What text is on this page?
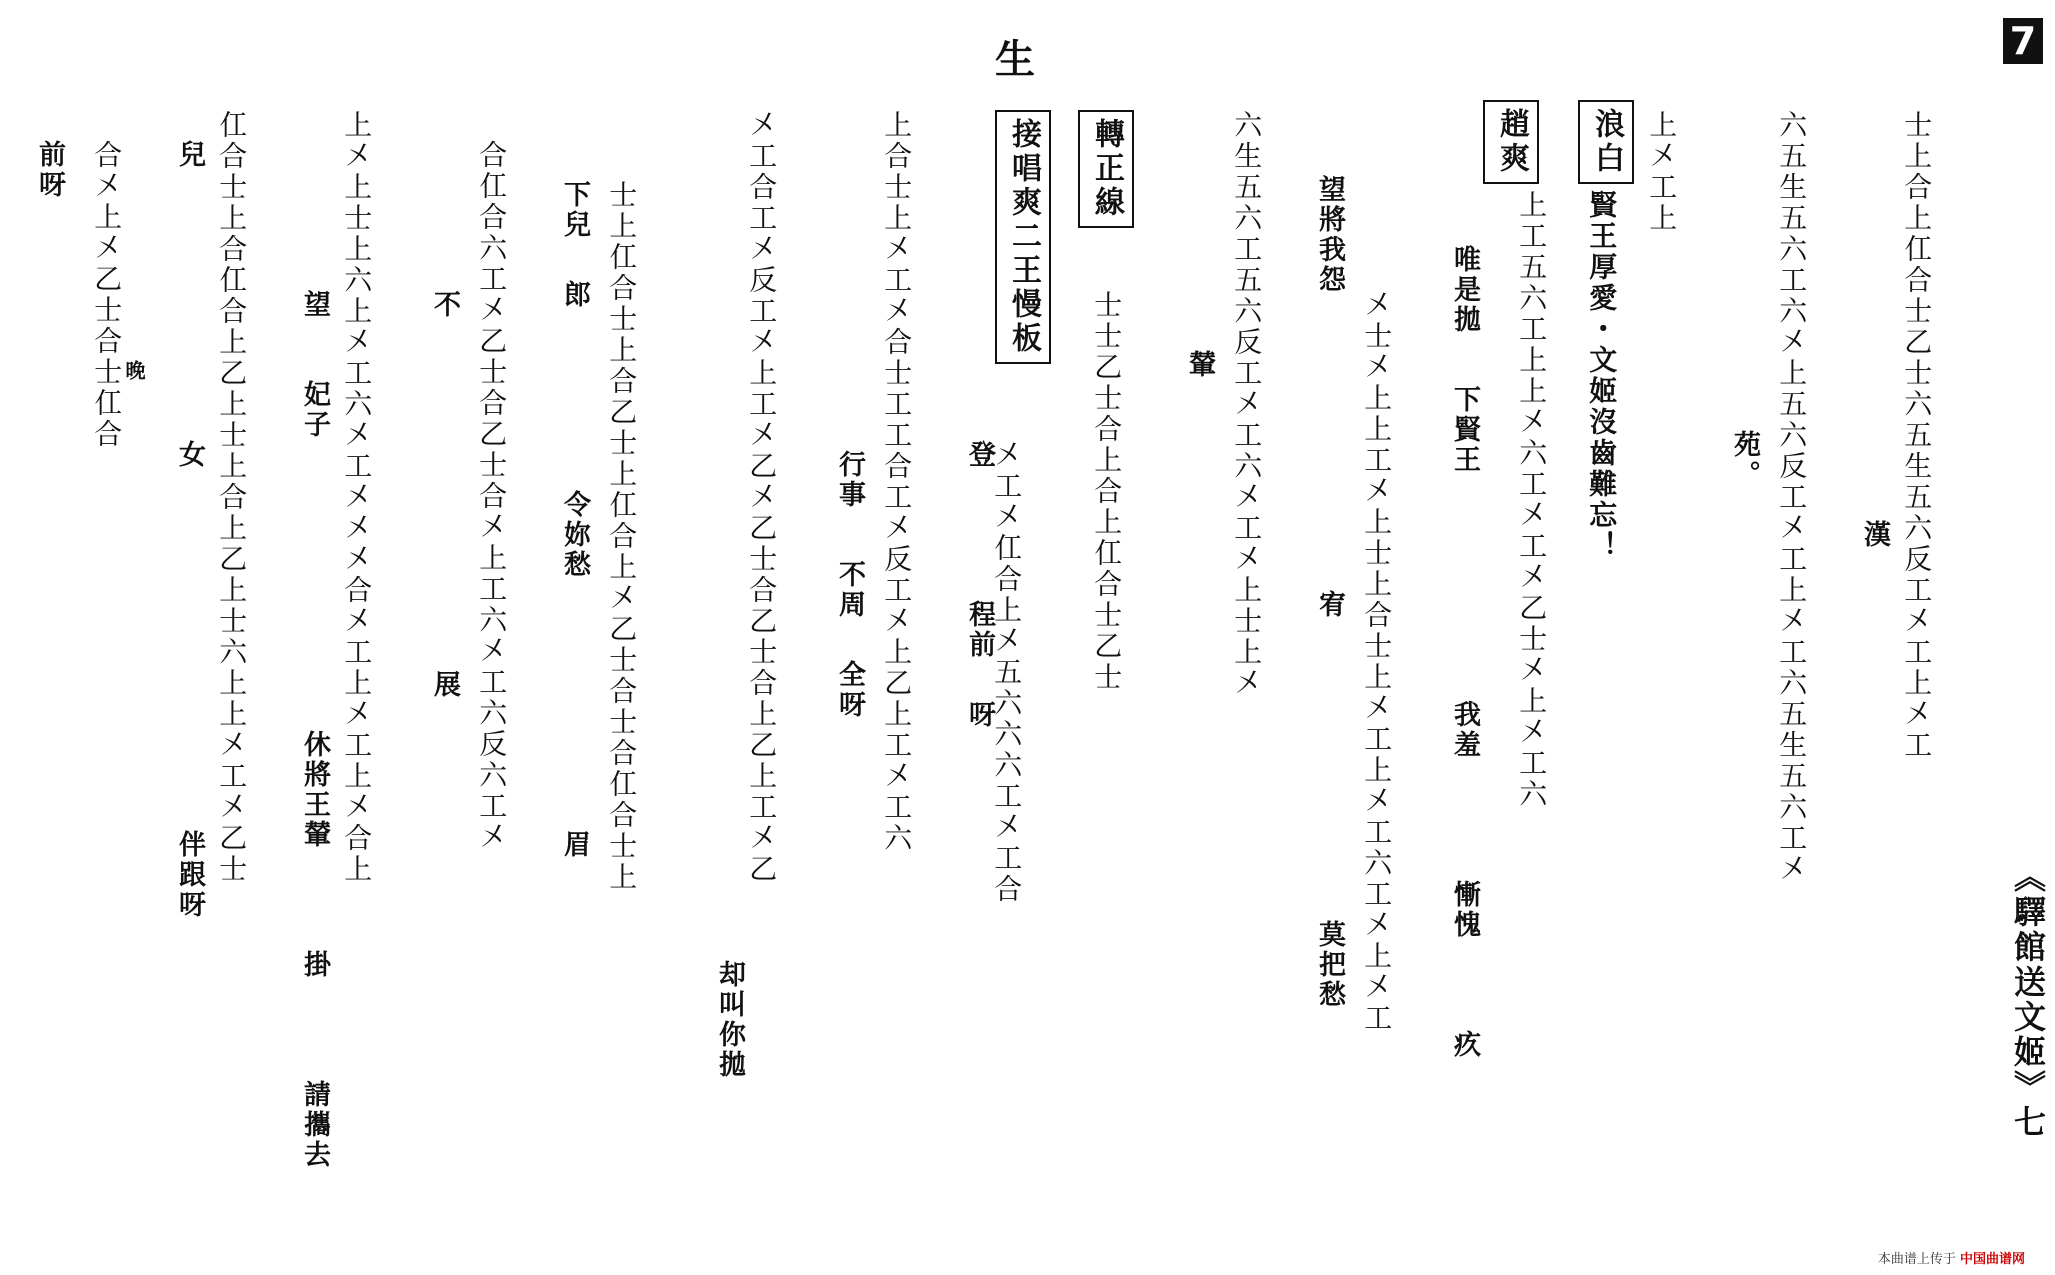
7
《驛館送文姬》七
士上合上仜合士乙士六五生五六反工㐅工上㐅工
六五生五六工六㐅上五六反工㐅工上㐅工六五生五六工㐅
上㐅工上
賢王厚愛・文姬沒齒難忘！
上工五六工上上㐅六工㐅工㐅乙士㐅上㐅工六
㐅士㐅上上工㐅上士上合士上㐅工上㐅工六工㐅上㐅工
六生五六工五六反工㐅工六㐅工㐅上士上㐅
士士乙士合上合上仜合士乙士
㐅工㐅仜合上㐅五六六六工㐅工合
上合士上㐅工㐅合士工工合工㐅反工㐅上乙上工㐅工六
㐅工合工㐅反工㐅上工㐅乙㐅乙士合乙士合上乙上工㐅乙
士上仜合士上合乙士上仜合上㐅乙士合士合仜合士上
合仜合六工㐅乙士合乙士合㐅上工六㐅工六反六工㐅
上㐅上士上六上㐅工六㐅工㐅㐅㐅合㐅工上㐅工上㐅合上
仜合士上合仜合上乙上士上合上乙上士六上上㐅工㐅乙士
合㐅上㐅乙士合士仜合	浪白
趙爽
轉正線
接唱爽二王慢板
生
漢
苑。
唯是拋
下賢王
我羞
慚愧
疚
望將我怨
宥
莫把愁
輦
登
程前
呀
行事
不周
全呀
却叫你拋
下兒
郎
令妳愁
眉
不
展
望
妃子
休將王輦
掛
請攜去
兒
女
伴跟呀
前呀
晚
本曲谱上传于 中国曲谱网
